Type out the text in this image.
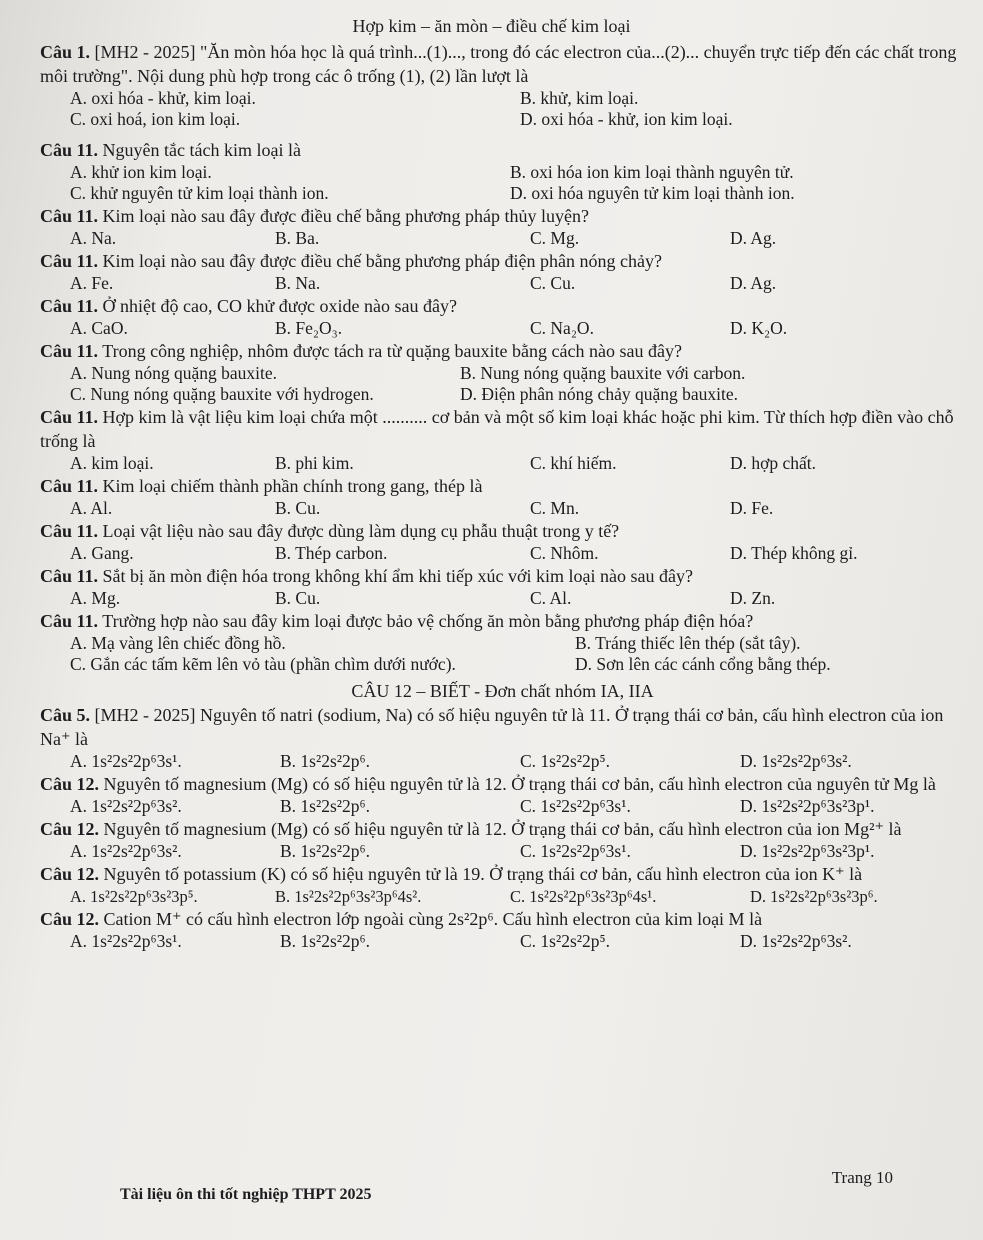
Hợp kim – ăn mòn – điều chế kim loại

Câu 1. [MH2 - 2025] "Ăn mòn hóa học là quá trình...(1)..., trong đó các electron của...(2)... chuyển trực tiếp đến các chất trong môi trường". Nội dung phù hợp trong các ô trống (1), (2) lần lượt là

A. oxi hóa - khử, kim loại.	B. khử, kim loại.
C. oxi hoá, ion kim loại.	D. oxi hóa - khử, ion kim loại.

Câu 11. Nguyên tắc tách kim loại là

A. khử ion kim loại.	B. oxi hóa ion kim loại thành nguyên tử.
C. khử nguyên tử kim loại thành ion.	D. oxi hóa nguyên tử kim loại thành ion.

Câu 11. Kim loại nào sau đây được điều chế bằng phương pháp thủy luyện?

A. Na.	B. Ba.	C. Mg.	D. Ag.

Câu 11. Kim loại nào sau đây được điều chế bằng phương pháp điện phân nóng chảy?

A. Fe.	B. Na.	C. Cu.	D. Ag.

Câu 11. Ở nhiệt độ cao, CO khử được oxide nào sau đây?

A. CaO.	B. Fe₂O₃.	C. Na₂O.	D. K₂O.

Câu 11. Trong công nghiệp, nhôm được tách ra từ quặng bauxite bằng cách nào sau đây?

A. Nung nóng quặng bauxite.	B. Nung nóng quặng bauxite với carbon.
C. Nung nóng quặng bauxite với hydrogen.	D. Điện phân nóng chảy quặng bauxite.

Câu 11. Hợp kim là vật liệu kim loại chứa một .......... cơ bản và một số kim loại khác hoặc phi kim. Từ thích hợp điền vào chỗ trống là

A. kim loại.	B. phi kim.	C. khí hiếm.	D. hợp chất.

Câu 11. Kim loại chiếm thành phần chính trong gang, thép là

A. Al.	B. Cu.	C. Mn.	D. Fe.

Câu 11. Loại vật liệu nào sau đây được dùng làm dụng cụ phẫu thuật trong y tế?

A. Gang.	B. Thép carbon.	C. Nhôm.	D. Thép không gỉ.

Câu 11. Sắt bị ăn mòn điện hóa trong không khí ẩm khi tiếp xúc với kim loại nào sau đây?

A. Mg.	B. Cu.	C. Al.	D. Zn.

Câu 11. Trường hợp nào sau đây kim loại được bảo vệ chống ăn mòn bằng phương pháp điện hóa?

A. Mạ vàng lên chiếc đồng hồ.	B. Tráng thiếc lên thép (sắt tây).
C. Gắn các tấm kẽm lên vỏ tàu (phần chìm dưới nước).	D. Sơn lên các cánh cổng bằng thép.
CÂU 12 – BIẾT - Đơn chất nhóm IA, IIA

Câu 5. [MH2 - 2025] Nguyên tố natri (sodium, Na) có số hiệu nguyên tử là 11. Ở trạng thái cơ bản, cấu hình electron của ion Na⁺ là

A. 1s²2s²2p⁶3s¹.	B. 1s²2s²2p⁶.	C. 1s²2s²2p⁵.	D. 1s²2s²2p⁶3s².

Câu 12. Nguyên tố magnesium (Mg) có số hiệu nguyên tử là 12. Ở trạng thái cơ bản, cấu hình electron của nguyên tử Mg là

A. 1s²2s²2p⁶3s².	B. 1s²2s²2p⁶.	C. 1s²2s²2p⁶3s¹.	D. 1s²2s²2p⁶3s²3p¹.

Câu 12. Nguyên tố magnesium (Mg) có số hiệu nguyên tử là 12. Ở trạng thái cơ bản, cấu hình electron của ion Mg²⁺ là

A. 1s²2s²2p⁶3s².	B. 1s²2s²2p⁶.	C. 1s²2s²2p⁶3s¹.	D. 1s²2s²2p⁶3s²3p¹.

Câu 12. Nguyên tố potassium (K) có số hiệu nguyên tử là 19. Ở trạng thái cơ bản, cấu hình electron của ion K⁺ là

A. 1s²2s²2p⁶3s²3p⁵.	B. 1s²2s²2p⁶3s²3p⁶4s².	C. 1s²2s²2p⁶3s²3p⁶4s¹.	D. 1s²2s²2p⁶3s²3p⁶.

Câu 12. Cation M⁺ có cấu hình electron lớp ngoài cùng 2s²2p⁶. Cấu hình electron của kim loại M là

A. 1s²2s²2p⁶3s¹.	B. 1s²2s²2p⁶.	C. 1s²2s²2p⁵.	D. 1s²2s²2p⁶3s².
Trang 10
Tài liệu ôn thi tốt nghiệp THPT 2025
